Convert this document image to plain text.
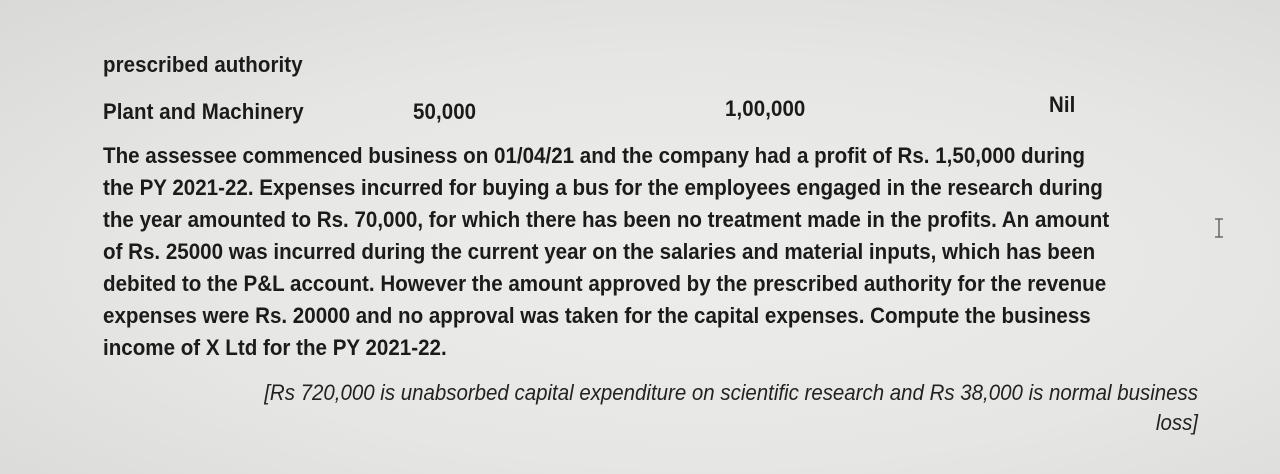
prescribed authority
Plant and Machinery	50,000	1,00,000	Nil
The assessee commenced business on 01/04/21 and the company had a profit of Rs. 1,50,000 during
the PY 2021-22. Expenses incurred for buying a bus for the employees engaged in the research during
the year amounted to Rs. 70,000, for which there has been no treatment made in the profits. An amount
of Rs. 25000 was incurred during the current year on the salaries and material inputs, which has been
debited to the P&L account. However the amount approved by the prescribed authority for the revenue
expenses were Rs. 20000 and no approval was taken for the capital expenses. Compute the business
income of X Ltd for the PY 2021-22.
[Rs 720,000 is unabsorbed capital expenditure on scientific research and Rs 38,000 is normal business
loss]
